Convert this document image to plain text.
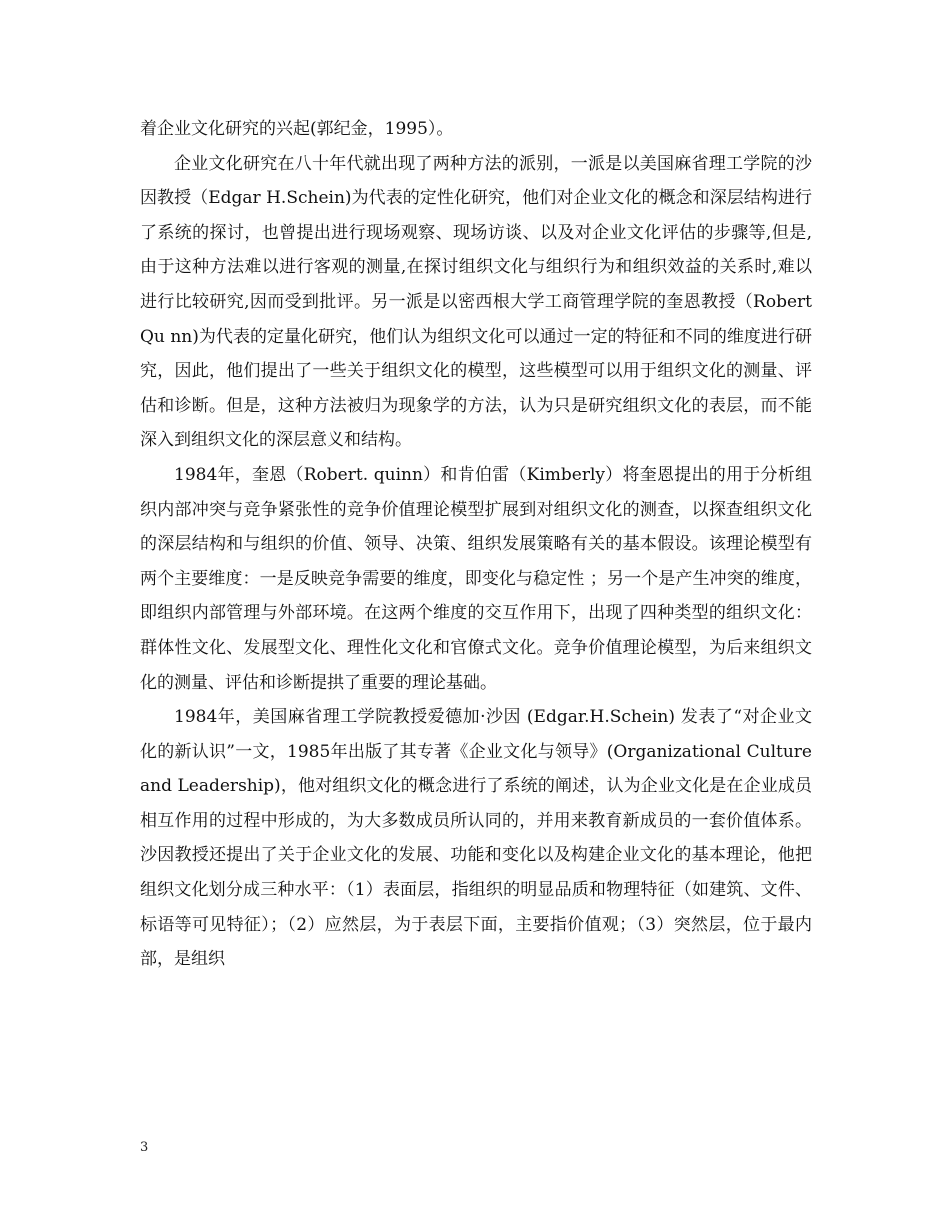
着企业文化研究的兴起(郭纪金，1995）。

企业文化研究在八十年代就出现了两种方法的派别，一派是以美国麻省理工学院的沙因教授（Edgar H.Schein)为代表的定性化研究，他们对企业文化的概念和深层结构进行了系统的探讨，也曾提出进行现场观察、现场访谈、以及对企业文化评估的步骤等,但是,由于这种方法难以进行客观的测量,在探讨组织文化与组织行为和组织效益的关系时,难以进行比较研究,因而受到批评。另一派是以密西根大学工商管理学院的奎恩教授（Robert Qu nn)为代表的定量化研究，他们认为组织文化可以通过一定的特征和不同的维度进行研究，因此，他们提出了一些关于组织文化的模型，这些模型可以用于组织文化的测量、评估和诊断。但是，这种方法被归为现象学的方法，认为只是研究组织文化的表层，而不能深入到组织文化的深层意义和结构。

1984年，奎恩（Robert. quinn）和肯伯雷（Kimberly）将奎恩提出的用于分析组织内部冲突与竞争紧张性的竞争价值理论模型扩展到对组织文化的测查，以探查组织文化的深层结构和与组织的价值、领导、决策、组织发展策略有关的基本假设。该理论模型有两个主要维度：一是反映竞争需要的维度，即变化与稳定性 ；另一个是产生冲突的维度，即组织内部管理与外部环境。在这两个维度的交互作用下，出现了四种类型的组织文化：群体性文化、发展型文化、理性化文化和官僚式文化。竞争价值理论模型，为后来组织文化的测量、评估和诊断提拱了重要的理论基础。

1984年，美国麻省理工学院教授爱德加·沙因 (Edgar.H.Schein) 发表了“对企业文化的新认识”一文，1985年出版了其专著《企业文化与领导》(Organizational Culture and Leadership)，他对组织文化的概念进行了系统的阐述，认为企业文化是在企业成员相互作用的过程中形成的，为大多数成员所认同的，并用来教育新成员的一套价值体系。沙因教授还提出了关于企业文化的发展、功能和变化以及构建企业文化的基本理论，他把组织文化划分成三种水平：（1）表面层，指组织的明显品质和物理特征（如建筑、文件、标语等可见特征）；（2）应然层，为于表层下面，主要指价值观；（3）突然层，位于最内部，是组织

3
